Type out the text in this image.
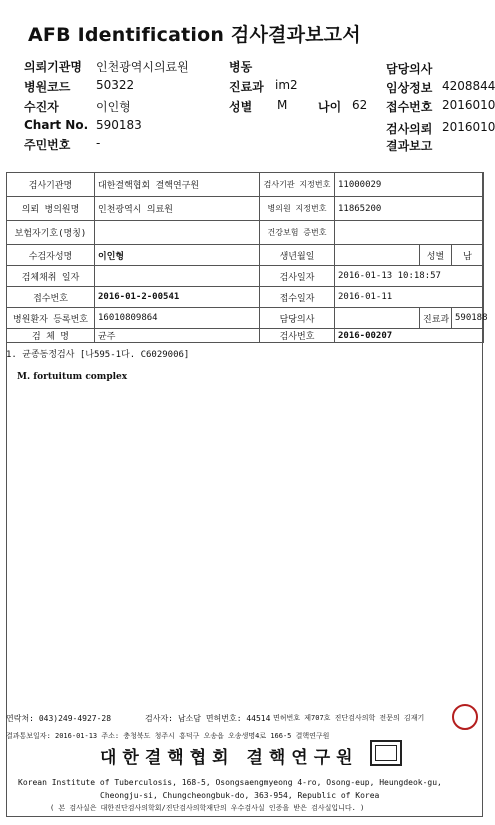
AFB Identification 검사결과보고서
의뢰기관명 인천광역시의료원
병원코드 50322
수진자	이인형
Chart No. 590183
주민번호 -
병동
진료과 im2
성별 M	나이 62
담당의사
임상정보 4208844
접수번호 2016010
검사의뢰 2016010
결과보고
검사기관명	대한결핵협회 결핵연구원	검사기관 지정번호	11000029		
의뢰 병의원명	인천광역시 의료원	병의원 지정번호	11865200		
보험자기호(명칭)		건강보험 증번호			
수검자성명	이인형	생년월일		성별	남
검체채취 일자		검사일자	2016-01-13 10:18:57		
접수번호	2016-01-2-00541	접수일자	2016-01-11		
병원환자 등록번호	16010809864	담당의사		진료과	590188
검 체 명	균주	검사번호	2016-00207		
1. 균종동정검사 [나595-1다. C6029006]
M. fortuitum complex
연락처: 043)249-4927-28	검사자: 남소담 면허번호: 44514 면허번호 제707호 진단검사의학 전문의 김재기
결과통보일자: 2016-01-13 주소: 충청북도 청주시 흥덕구 오송읍 오송생명4로 166-5 결핵연구원
대한결핵협회 결핵연구원
Korean Institute of Tuberculosis, 168-5, Osongsaengmyeong 4-ro, Osong-eup, Heungdeok-gu,
Cheongju-si, Chungcheongbuk-do, 363-954, Republic of Korea
( 본 검사실은 대한진단검사의학회/진단검사의학재단의 우수검사실 인증을 받은 검사실입니다. )
